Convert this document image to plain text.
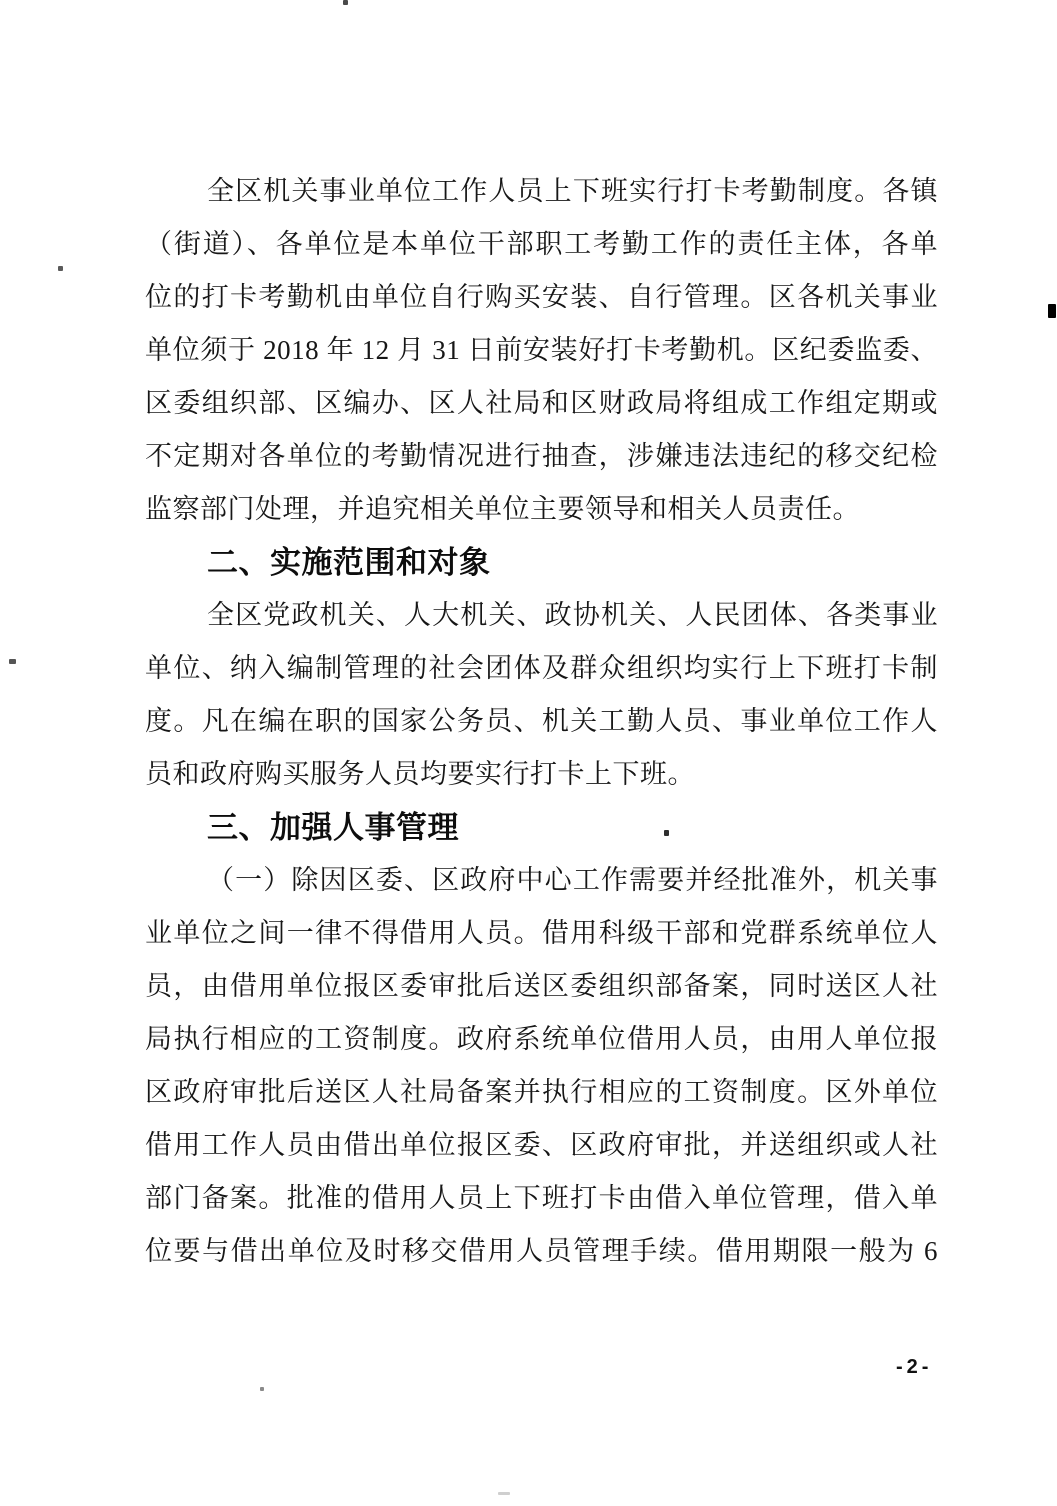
全区机关事业单位工作人员上下班实行打卡考勤制度。各镇
（街道）、各单位是本单位干部职工考勤工作的责任主体，各单
位的打卡考勤机由单位自行购买安装、自行管理。区各机关事业
单位须于 2018 年 12 月 31 日前安装好打卡考勤机。区纪委监委、
区委组织部、区编办、区人社局和区财政局将组成工作组定期或
不定期对各单位的考勤情况进行抽查，涉嫌违法违纪的移交纪检
监察部门处理，并追究相关单位主要领导和相关人员责任。
二、实施范围和对象
全区党政机关、人大机关、政协机关、人民团体、各类事业
单位、纳入编制管理的社会团体及群众组织均实行上下班打卡制
度。凡在编在职的国家公务员、机关工勤人员、事业单位工作人
员和政府购买服务人员均要实行打卡上下班。
三、加强人事管理
（一）除因区委、区政府中心工作需要并经批准外，机关事
业单位之间一律不得借用人员。借用科级干部和党群系统单位人
员，由借用单位报区委审批后送区委组织部备案，同时送区人社
局执行相应的工资制度。政府系统单位借用人员，由用人单位报
区政府审批后送区人社局备案并执行相应的工资制度。区外单位
借用工作人员由借出单位报区委、区政府审批，并送组织或人社
部门备案。批准的借用人员上下班打卡由借入单位管理，借入单
位要与借出单位及时移交借用人员管理手续。借用期限一般为 6
-2-
